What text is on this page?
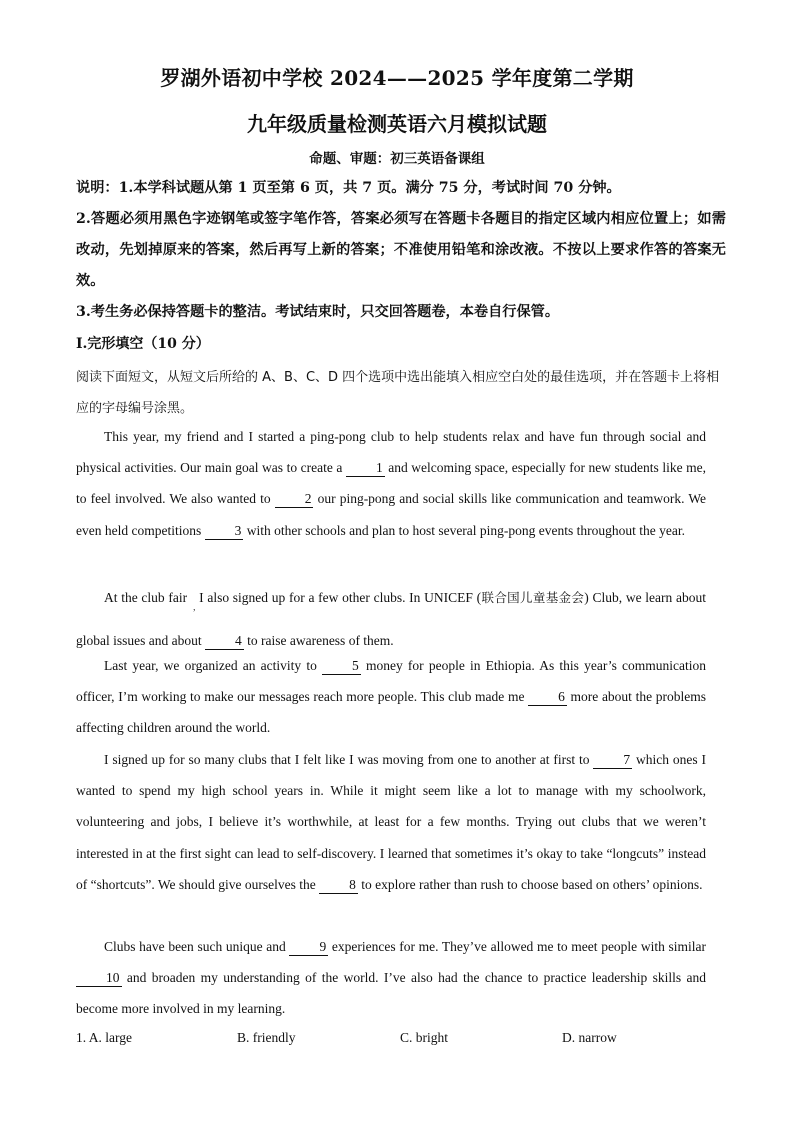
罗湖外语初中学校 2024——2025 学年度第二学期
九年级质量检测英语六月模拟试题
命题、审题：初三英语备课组
说明：1.本学科试题从第 1 页至第 6 页，共 7 页。满分 75 分，考试时间 70 分钟。
2.答题必须用黑色字迹钢笔或签字笔作答，答案必须写在答题卡各题目的指定区域内相应位置上；如需改动，先划掉原来的答案，然后再写上新的答案；不准使用铅笔和涂改液。不按以上要求作答的答案无效。
3.考生务必保持答题卡的整洁。考试结束时，只交回答题卷，本卷自行保管。
Ⅰ.完形填空（10 分）
阅读下面短文，从短文后所给的 A、B、C、D 四个选项中选出能填入相应空白处的最佳选项，并在答题卡上将相应的字母编号涂黑。
This year, my friend and I started a ping-pong club to help students relax and have fun through social and physical activities. Our main goal was to create a 1 and welcoming space, especially for new students like me, to feel involved. We also wanted to 2 our ping-pong and social skills like communication and teamwork. We even held competitions 3 with other schools and plan to host several ping-pong events throughout the year.
At the club fair$_,$ I also signed up for a few other clubs. In UNICEF (联合国儿童基金会) Club, we learn about global issues and about 4 to raise awareness of them.
Last year, we organized an activity to 5 money for people in Ethiopia. As this year’s communication officer, I’m working to make our messages reach more people. This club made me 6 more about the problems affecting children around the world.
I signed up for so many clubs that I felt like I was moving from one to another at first to 7 which ones I wanted to spend my high school years in. While it might seem like a lot to manage with my schoolwork, volunteering and jobs, I believe it’s worthwhile, at least for a few months. Trying out clubs that we weren’t interested in at the first sight can lead to self-discovery. I learned that sometimes it’s okay to take “longcuts” instead of “shortcuts”. We should give ourselves the 8 to explore rather than rush to choose based on others’ opinions.
Clubs have been such unique and 9 experiences for me. They’ve allowed me to meet people with similar 10 and broaden my understanding of the world. I’ve also had the chance to practice leadership skills and become more involved in my learning.
1. A. large	B. friendly	C. bright	D. narrow
